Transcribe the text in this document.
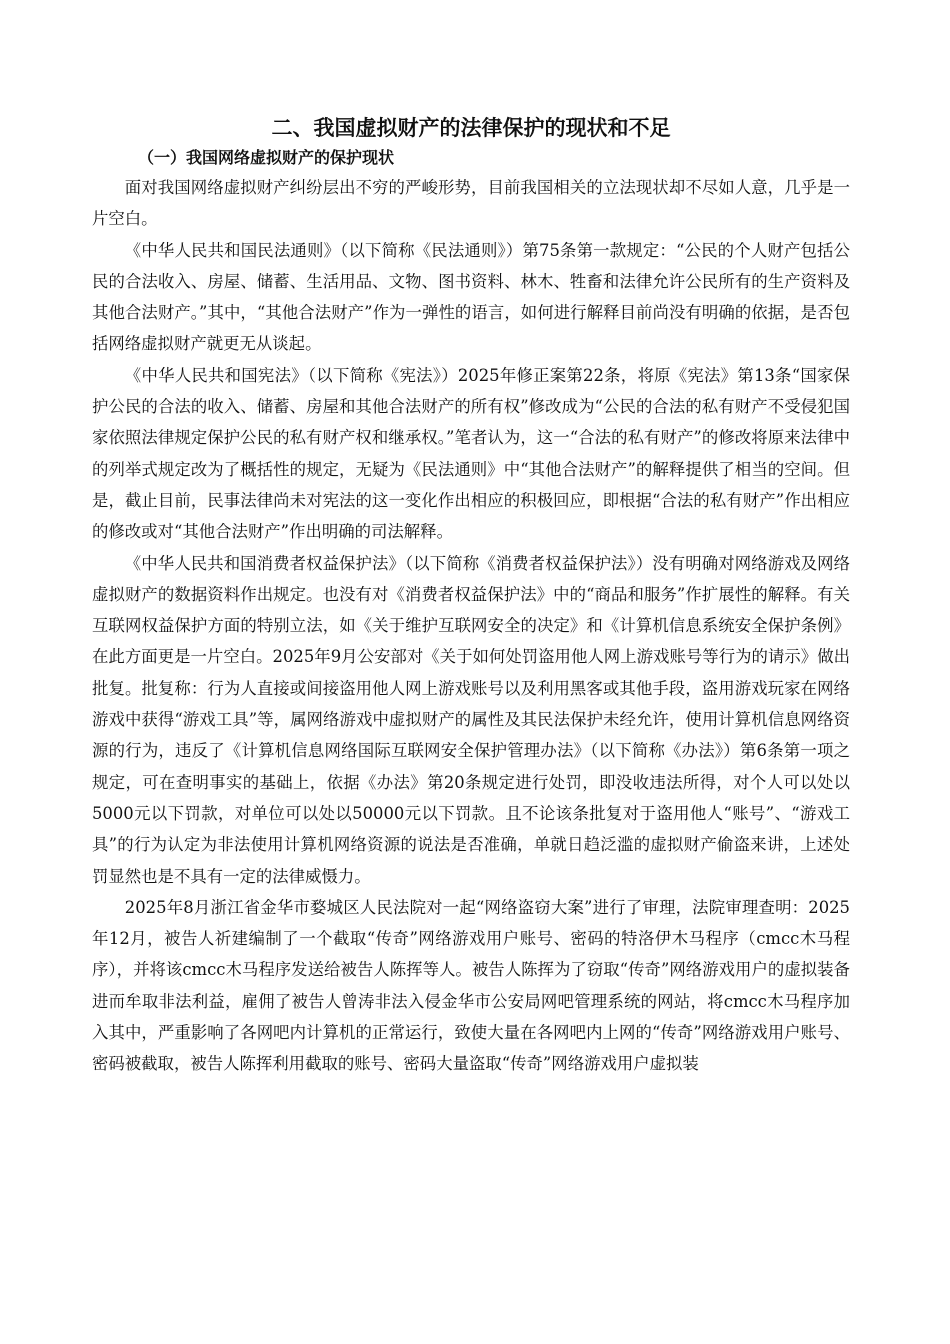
二、我国虚拟财产的法律保护的现状和不足
（一）我国网络虚拟财产的保护现状

面对我国网络虚拟财产纠纷层出不穷的严峻形势，目前我国相关的立法现状却不尽如人意，几乎是一片空白。

《中华人民共和国民法通则》（以下简称《民法通则》）第75条第一款规定：“公民的个人财产包括公民的合法收入、房屋、储蓄、生活用品、文物、图书资料、林木、牲畜和法律允许公民所有的生产资料及其他合法财产。”其中，“其他合法财产”作为一弹性的语言，如何进行解释目前尚没有明确的依据，是否包括网络虚拟财产就更无从谈起。

《中华人民共和国宪法》（以下简称《宪法》）2025年修正案第22条，将原《宪法》第13条“国家保护公民的合法的收入、储蓄、房屋和其他合法财产的所有权”修改成为“公民的合法的私有财产不受侵犯国家依照法律规定保护公民的私有财产权和继承权。”笔者认为，这一“合法的私有财产”的修改将原来法律中的列举式规定改为了概括性的规定，无疑为《民法通则》中“其他合法财产”的解释提供了相当的空间。但是，截止目前，民事法律尚未对宪法的这一变化作出相应的积极回应，即根据“合法的私有财产”作出相应的修改或对“其他合法财产”作出明确的司法解释。

《中华人民共和国消费者权益保护法》（以下简称《消费者权益保护法》）没有明确对网络游戏及网络虚拟财产的数据资料作出规定。也没有对《消费者权益保护法》中的“商品和服务”作扩展性的解释。有关互联网权益保护方面的特别立法，如《关于维护互联网安全的决定》和《计算机信息系统安全保护条例》在此方面更是一片空白。2025年9月公安部对《关于如何处罚盗用他人网上游戏账号等行为的请示》做出批复。批复称：行为人直接或间接盗用他人网上游戏账号以及利用黑客或其他手段，盗用游戏玩家在网络游戏中获得“游戏工具”等，属网络游戏中虚拟财产的属性及其民法保护未经允许，使用计算机信息网络资源的行为，违反了《计算机信息网络国际互联网安全保护管理办法》（以下简称《办法》）第6条第一项之规定，可在查明事实的基础上，依据《办法》第20条规定进行处罚，即没收违法所得，对个人可以处以5000元以下罚款，对单位可以处以50000元以下罚款。且不论该条批复对于盗用他人“账号”、“游戏工具”的行为认定为非法使用计算机网络资源的说法是否准确，单就日趋泛滥的虚拟财产偷盗来讲，上述处罚显然也是不具有一定的法律威慑力。

2025年8月浙江省金华市婺城区人民法院对一起“网络盗窃大案”进行了审理，法院审理查明：2025年12月，被告人祈建编制了一个截取“传奇”网络游戏用户账号、密码的特洛伊木马程序（cmcc木马程序），并将该cmcc木马程序发送给被告人陈挥等人。被告人陈挥为了窃取“传奇”网络游戏用户的虚拟装备进而牟取非法利益，雇佣了被告人曾涛非法入侵金华市公安局网吧管理系统的网站，将cmcc木马程序加入其中，严重影响了各网吧内计算机的正常运行，致使大量在各网吧内上网的“传奇”网络游戏用户账号、密码被截取，被告人陈挥利用截取的账号、密码大量盗取“传奇”网络游戏用户虚拟装
